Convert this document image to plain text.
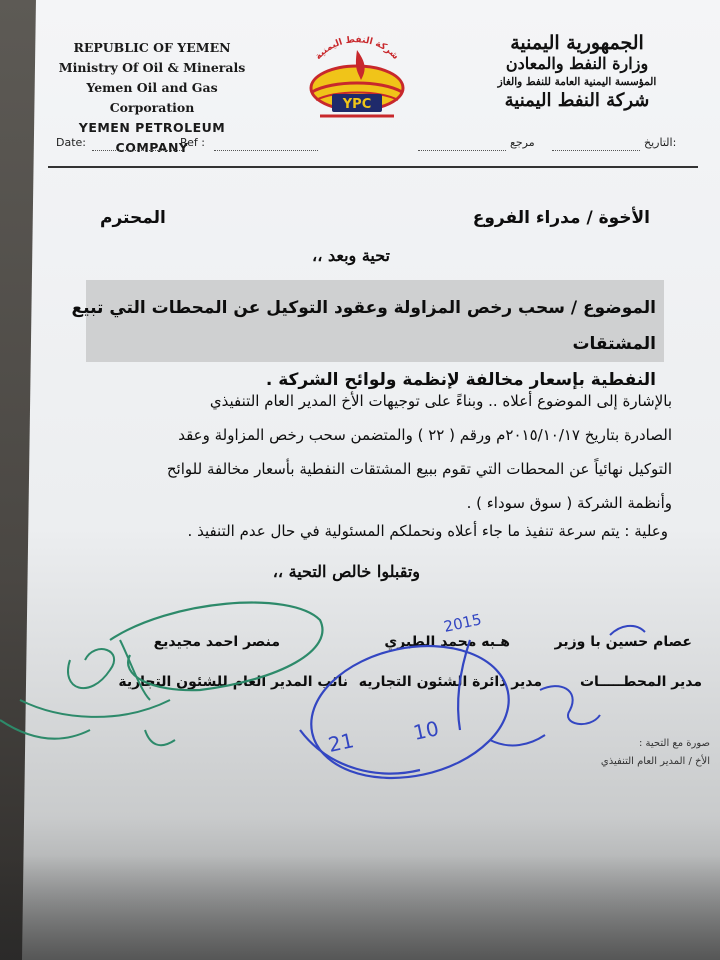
REPUBLIC OF YEMEN
Ministry Of Oil & Minerals
Yemen Oil and Gas Corporation
YEMEN PETROLEUM COMPANY
شركة النفط اليمنية
YPC
الجمهورية اليمنية
وزارة النفط والمعادن
المؤسسة اليمنية العامة للنفط والغاز
شركة النفط اليمنية
Date:	Ref :	مرجع	التاريخ:
الأخوة / مدراء الفروع
المحترم
تحية وبعد ،،
الموضوع / سحب رخص المزاولة وعقود التوكيل عن المحطات التي تبيع المشتقات
النفطية بإسعار مخالفة لإنظمة ولوائح الشركة .
بالإشارة إلى الموضوع أعلاه .. وبناءً على توجيهات الأخ المدير العام التنفيذي
الصادرة بتاريخ ٢٠١٥/١٠/١٧م ورقم ( ٢٢ ) والمتضمن سحب رخص المزاولة وعقد
التوكيل نهائياً عن المحطات التي تقوم ببيع المشتقات النفطية بأسعار مخالفة للوائح
وأنظمة الشركة ( سوق سوداء ) .
وعلية : يتم سرعة تنفيذ ما جاء أعلاه ونحملكم المسئولية في حال عدم التنفيذ .
وتقبلوا خالص التحية ،،
عصام حسين با وزير
مدير المحطـــــات
هـبه محمد الطيري
مدير دائرة الشئون التجاريه
منصر احمد مجيديع
نائب المدير العام للشئون التجارية
صورة مع التحية :
الأخ / المدير العام التنفيذي
21	10
2015
